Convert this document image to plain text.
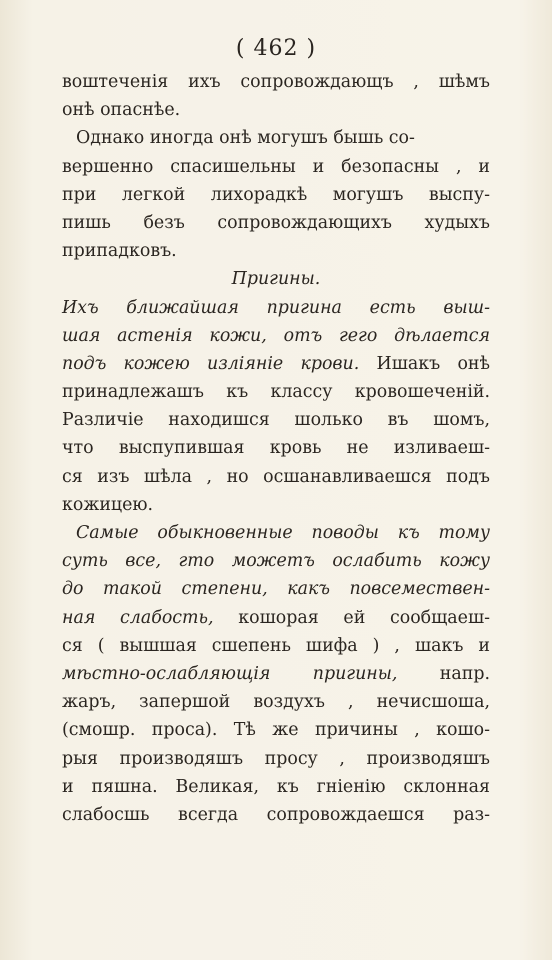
( 462 )
воштеченія ихъ сопровождающъ , шѣмъ
онѣ опаснѣе.
Однако иногда онѣ могушъ бышь со-
вершенно спасишельны и безопасны , и
при легкой лихорадкѣ могушъ выспу-
пишь безъ сопровождающихъ худыхъ
припадковъ.
Пригины.
Ихъ ближайшая пригина есть выш-
шая астенія кожи, отъ гего дѣлается
подъ кожею изліяніе крови. Ишакъ онѣ
принадлежашъ къ классу кровошеченій.
Различіе находишся шолько въ шомъ,
что выспупившая кровь не изливаеш-
ся изъ шѣла , но осшанавливаешся подъ
кожицею.
Самые обыкновенные поводы къ тому
суть все, гто можетъ ослабить кожу
до такой степени, какъ повсемествен-
ная слабость, кошорая ей сообщаеш-
ся ( вышшая сшепень шифа ) , шакъ и
мѣстно-ослабляющія пригины, напр.
жаръ, запершой воздухъ , нечисшоша,
(смошр. проса). Тѣ же причины , кошо-
рыя производяшъ просу , производяшъ
и пяшна. Великая, къ гніенію склонная
слабосшь всегда сопровождаешся раз-
